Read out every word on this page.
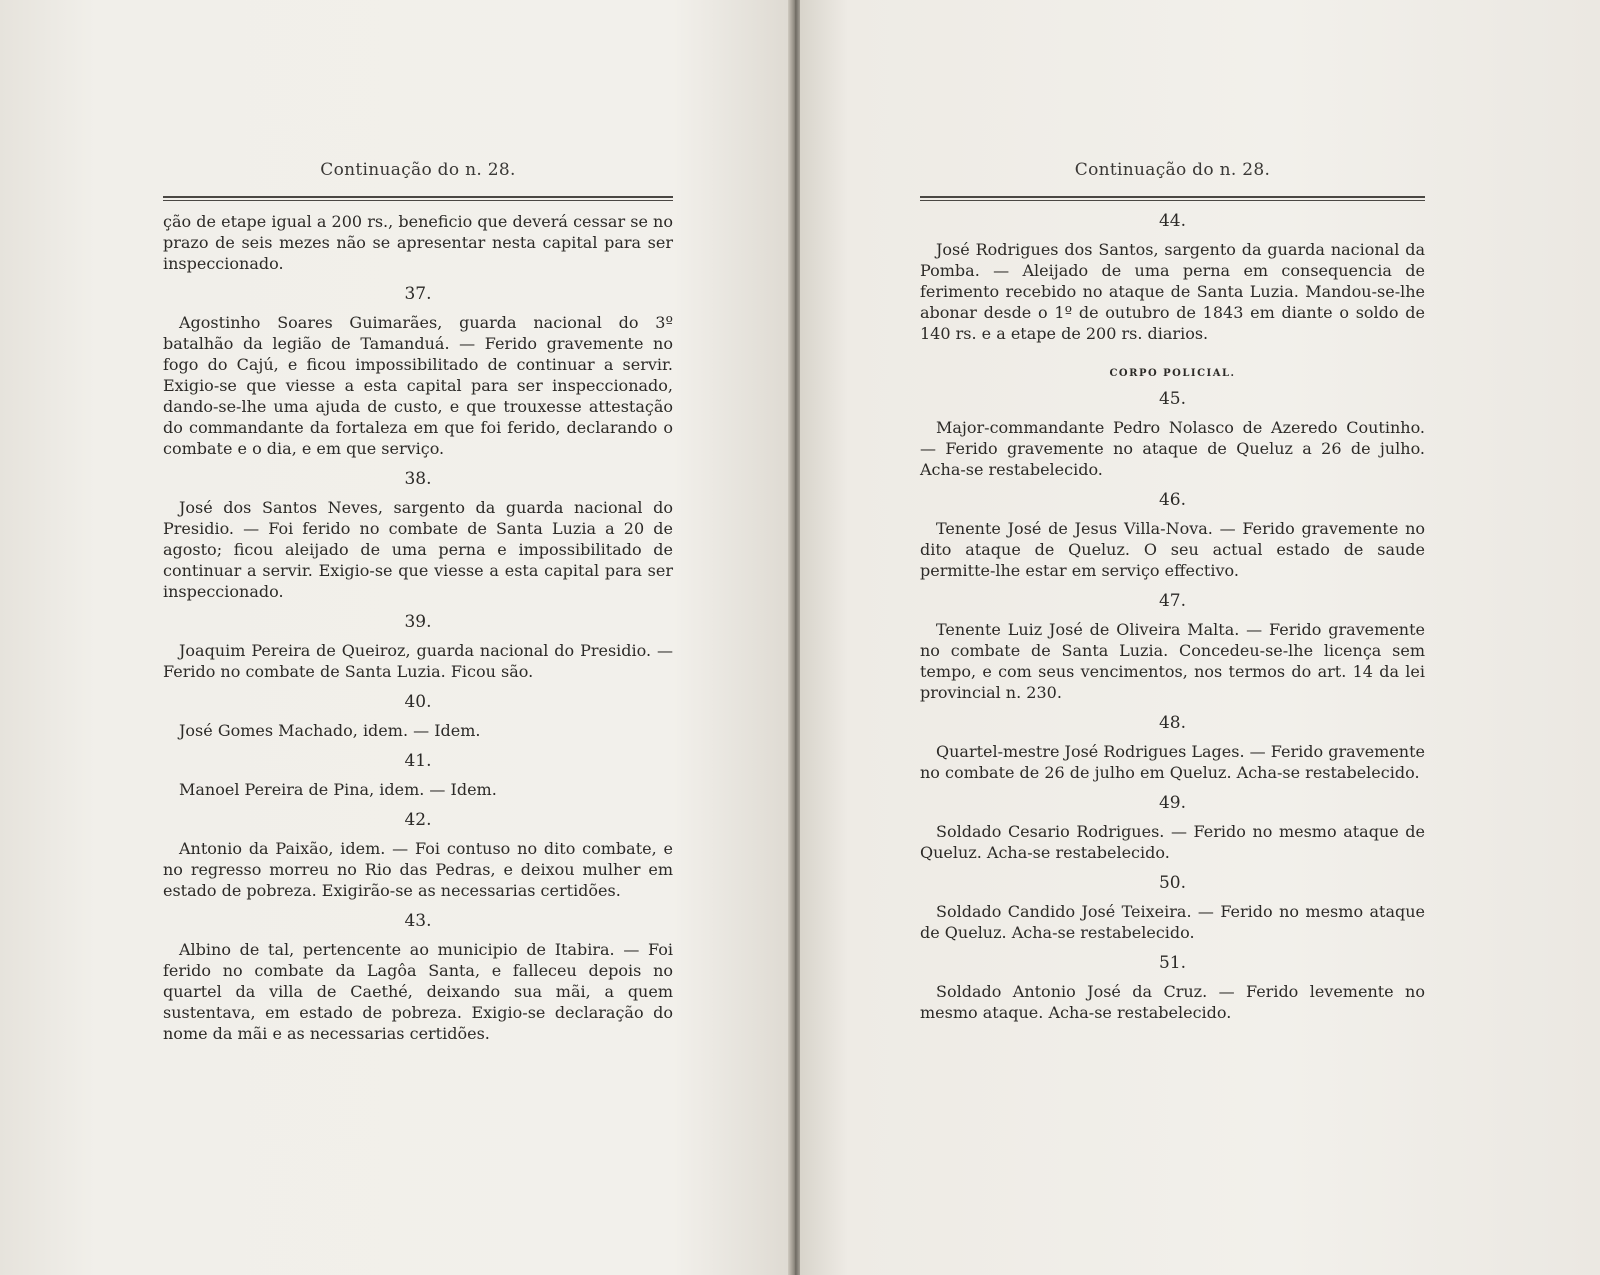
Continuação do n. 28.

ção de etape igual a 200 rs., beneficio que deverá cessar se no prazo de seis mezes não se apresentar nesta capital para ser inspeccionado.

37.

Agostinho Soares Guimarães, guarda nacional do 3º batalhão da legião de Tamanduá. — Ferido gravemente no fogo do Cajú, e ficou impossibilitado de continuar a servir. Exigio-se que viesse a esta capital para ser inspeccionado, dando-se-lhe uma ajuda de custo, e que trouxesse attestação do commandante da fortaleza em que foi ferido, declarando o combate e o dia, e em que serviço.

38.

José dos Santos Neves, sargento da guarda nacional do Presidio. — Foi ferido no combate de Santa Luzia a 20 de agosto; ficou aleijado de uma perna e impossibilitado de continuar a servir. Exigio-se que viesse a esta capital para ser inspeccionado.

39.

Joaquim Pereira de Queiroz, guarda nacional do Presidio. — Ferido no combate de Santa Luzia. Ficou são.

40.

José Gomes Machado, idem. — Idem.

41.

Manoel Pereira de Pina, idem. — Idem.

42.

Antonio da Paixão, idem. — Foi contuso no dito combate, e no regresso morreu no Rio das Pedras, e deixou mulher em estado de pobreza. Exigirão-se as necessarias certidões.

43.

Albino de tal, pertencente ao municipio de Itabira. — Foi ferido no combate da Lagôa Santa, e falleceu depois no quartel da villa de Caethé, deixando sua mãi, a quem sustentava, em estado de pobreza. Exigio-se declaração do nome da mãi e as necessarias certidões.

Continuação do n. 28.
44.

José Rodrigues dos Santos, sargento da guarda nacional da Pomba. — Aleijado de uma perna em consequencia de ferimento recebido no ataque de Santa Luzia. Mandou-se-lhe abonar desde o 1º de outubro de 1843 em diante o soldo de 140 rs. e a etape de 200 rs. diarios.

CORPO POLICIAL.
45.

Major-commandante Pedro Nolasco de Azeredo Coutinho. — Ferido gravemente no ataque de Queluz a 26 de julho. Acha-se restabelecido.

46.

Tenente José de Jesus Villa-Nova. — Ferido gravemente no dito ataque de Queluz. O seu actual estado de saude permitte-lhe estar em serviço effectivo.

47.

Tenente Luiz José de Oliveira Malta. — Ferido gravemente no combate de Santa Luzia. Concedeu-se-lhe licença sem tempo, e com seus vencimentos, nos termos do art. 14 da lei provincial n. 230.

48.

Quartel-mestre José Rodrigues Lages. — Ferido gravemente no combate de 26 de julho em Queluz. Acha-se restabelecido.

49.

Soldado Cesario Rodrigues. — Ferido no mesmo ataque de Queluz. Acha-se restabelecido.

50.

Soldado Candido José Teixeira. — Ferido no mesmo ataque de Queluz. Acha-se restabelecido.

51.

Soldado Antonio José da Cruz. — Ferido levemente no mesmo ataque. Acha-se restabelecido.
